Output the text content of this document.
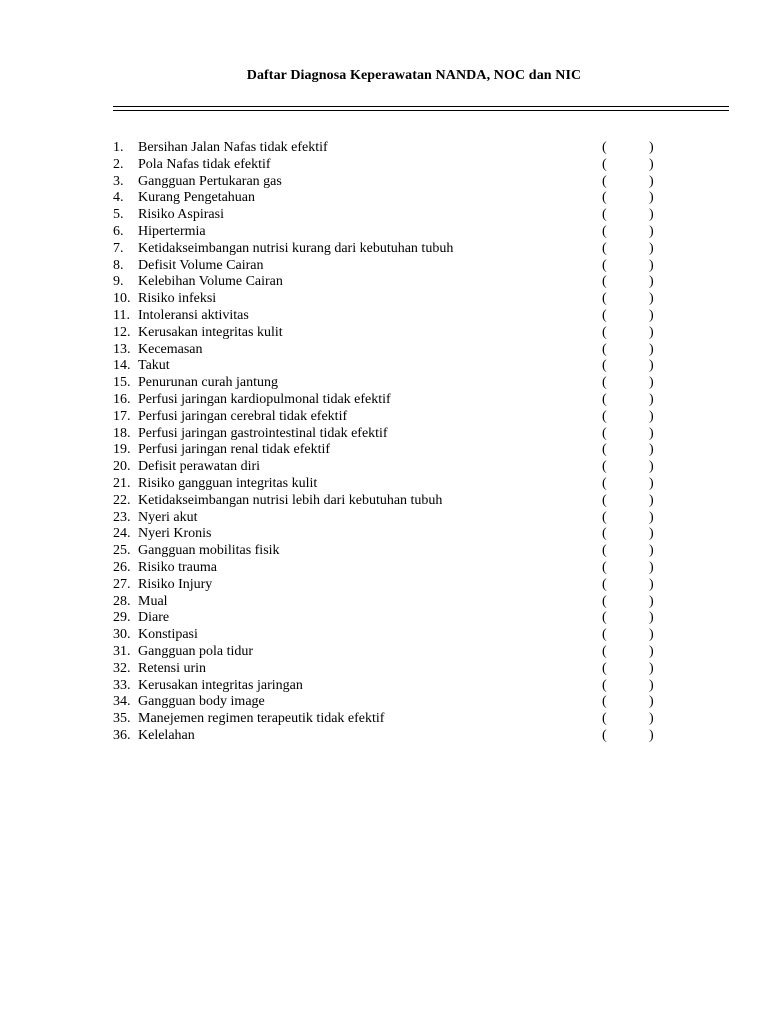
Daftar Diagnosa Keperawatan NANDA, NOC dan NIC
1. Bersihan Jalan Nafas tidak efektif	(	)
2. Pola Nafas tidak efektif	(	)
3. Gangguan Pertukaran gas	(	)
4. Kurang Pengetahuan	(	)
5. Risiko Aspirasi	(	)
6. Hipertermia	(	)
7. Ketidakseimbangan nutrisi kurang dari kebutuhan tubuh	(	)
8. Defisit Volume Cairan	(	)
9. Kelebihan Volume Cairan	(	)
10. Risiko infeksi	(	)
11. Intoleransi aktivitas	(	)
12. Kerusakan integritas kulit	(	)
13. Kecemasan	(	)
14. Takut	(	)
15. Penurunan curah jantung	(	)
16. Perfusi jaringan kardiopulmonal tidak efektif	(	)
17. Perfusi jaringan cerebral tidak efektif	(	)
18. Perfusi jaringan gastrointestinal tidak efektif	(	)
19. Perfusi jaringan renal tidak efektif	(	)
20. Defisit perawatan diri	(	)
21. Risiko gangguan integritas kulit	(	)
22. Ketidakseimbangan nutrisi lebih dari kebutuhan tubuh	(	)
23. Nyeri akut	(	)
24. Nyeri Kronis	(	)
25. Gangguan mobilitas fisik	(	)
26. Risiko trauma	(	)
27. Risiko Injury	(	)
28. Mual	(	)
29. Diare	(	)
30. Konstipasi	(	)
31. Gangguan pola tidur	(	)
32. Retensi urin	(	)
33. Kerusakan integritas jaringan	(	)
34. Gangguan body image	(	)
35. Manejemen regimen terapeutik tidak efektif	(	)
36. Kelelahan	(	)
